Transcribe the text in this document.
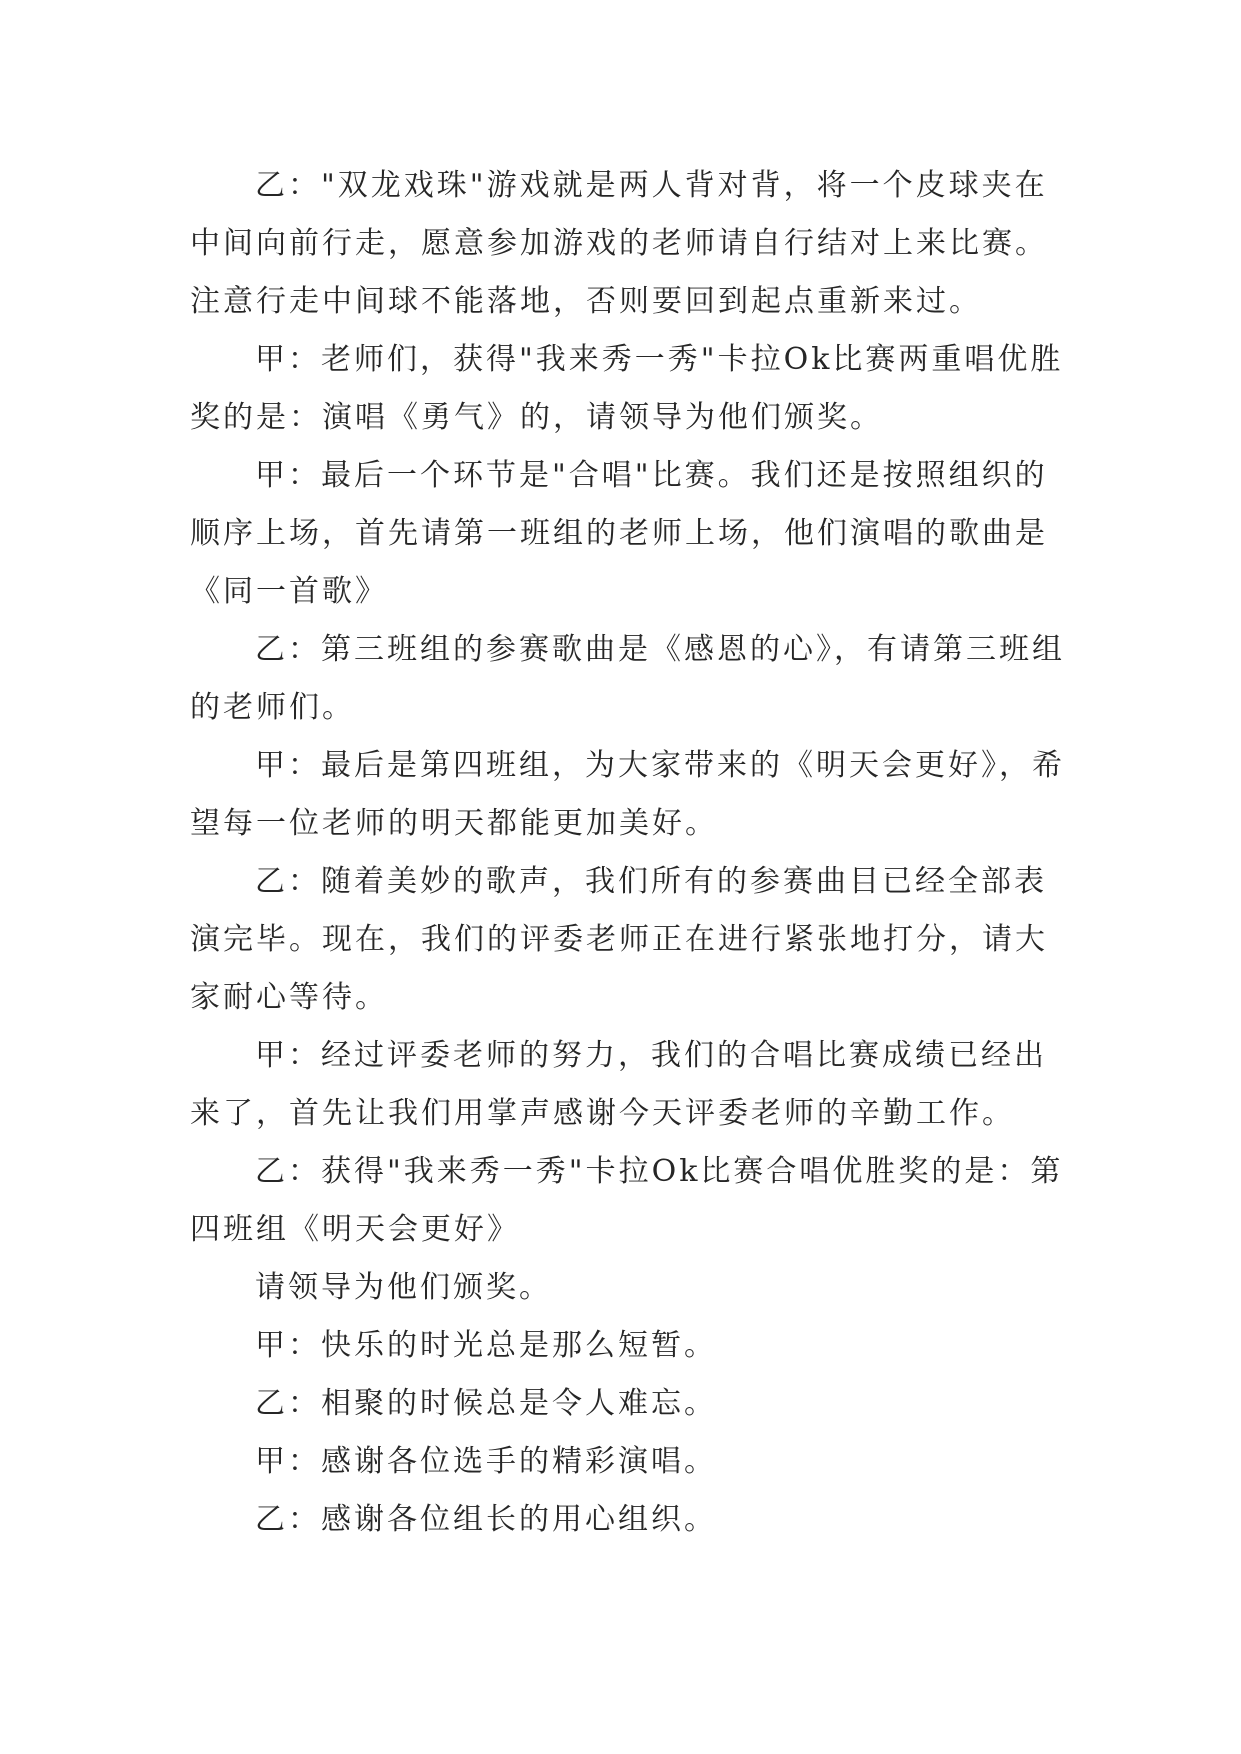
乙："双龙戏珠"游戏就是两人背对背，将一个皮球夹在中间向前行走，愿意参加游戏的老师请自行结对上来比赛。注意行走中间球不能落地，否则要回到起点重新来过。

甲：老师们，获得"我来秀一秀"卡拉Ok比赛两重唱优胜奖的是：演唱《勇气》的，请领导为他们颁奖。

甲：最后一个环节是"合唱"比赛。我们还是按照组织的顺序上场，首先请第一班组的老师上场，他们演唱的歌曲是《同一首歌》

乙：第三班组的参赛歌曲是《感恩的心》，有请第三班组的老师们。

甲：最后是第四班组，为大家带来的《明天会更好》，希望每一位老师的明天都能更加美好。

乙：随着美妙的歌声，我们所有的参赛曲目已经全部表演完毕。现在，我们的评委老师正在进行紧张地打分，请大家耐心等待。

甲：经过评委老师的努力，我们的合唱比赛成绩已经出来了，首先让我们用掌声感谢今天评委老师的辛勤工作。

乙：获得"我来秀一秀"卡拉Ok比赛合唱优胜奖的是：第四班组《明天会更好》

请领导为他们颁奖。

甲：快乐的时光总是那么短暂。

乙：相聚的时候总是令人难忘。

甲：感谢各位选手的精彩演唱。

乙：感谢各位组长的用心组织。
